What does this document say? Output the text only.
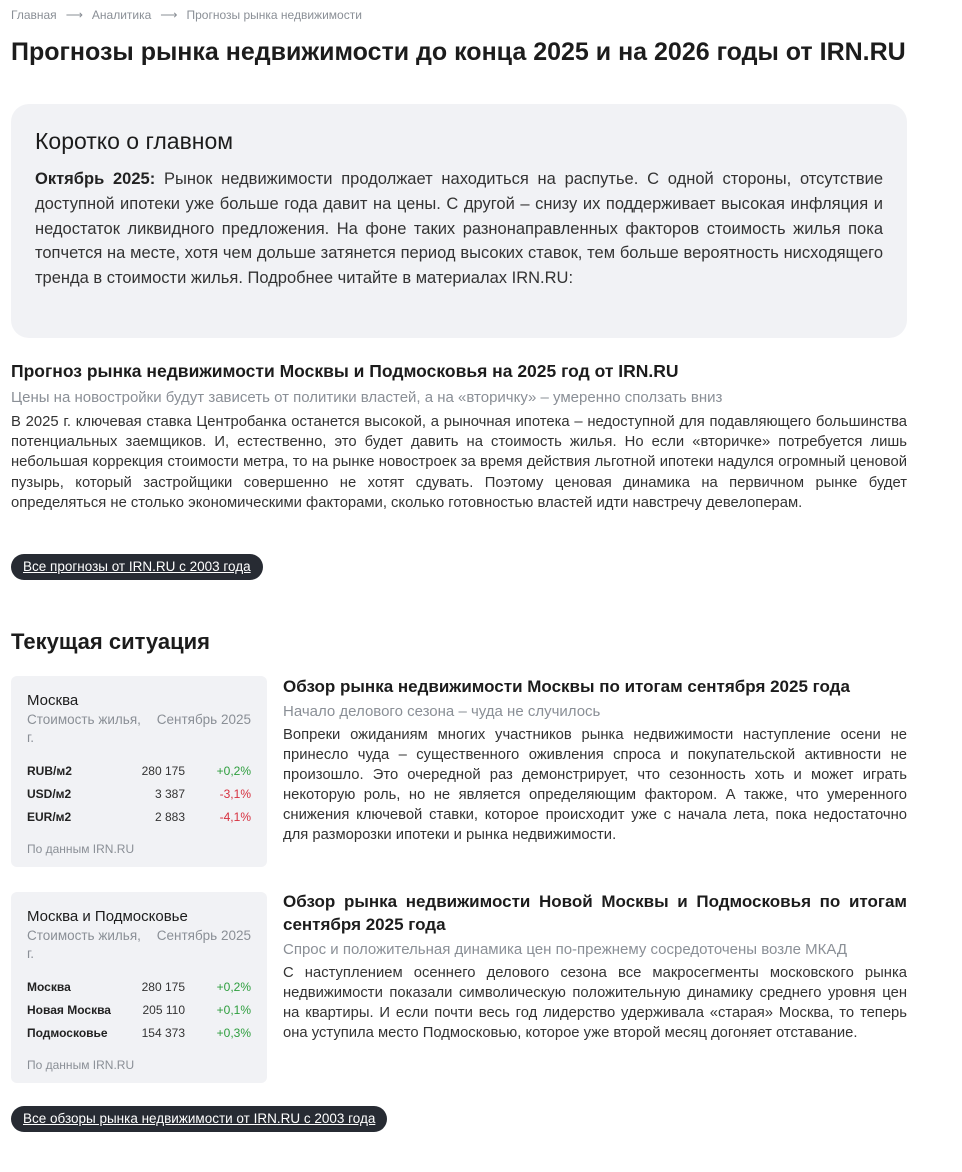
Главная ⟶ Аналитика ⟶ Прогнозы рынка недвижимости
Прогнозы рынка недвижимости до конца 2025 и на 2026 годы от IRN.RU
Коротко о главном

Октябрь 2025: Рынок недвижимости продолжает находиться на распутье. С одной стороны, отсутствие доступной ипотеки уже больше года давит на цены. С другой – снизу их поддерживает высокая инфляция и недостаток ликвидного предложения. На фоне таких разнонаправленных факторов стоимость жилья пока топчется на месте, хотя чем дольше затянется период высоких ставок, тем больше вероятность нисходящего тренда в стоимости жилья. Подробнее читайте в материалах IRN.RU:

Прогноз рынка недвижимости Москвы и Подмосковья на 2025 год от IRN.RU
Цены на новостройки будут зависеть от политики властей, а на «вторичку» – умеренно сползать вниз

В 2025 г. ключевая ставка Центробанка останется высокой, а рыночная ипотека – недоступной для подавляющего большинства потенциальных заемщиков. И, естественно, это будет давить на стоимость жилья. Но если «вторичке» потребуется лишь небольшая коррекция стоимости метра, то на рынке новостроек за время действия льготной ипотеки надулся огромный ценовой пузырь, который застройщики совершенно не хотят сдувать. Поэтому ценовая динамика на первичном рынке будет определяться не столько экономическими факторами, сколько готовностью властей идти навстречу девелоперам.

Все прогнозы от IRN.RU с 2003 года
Текущая ситуация
Москва
Стоимость жилья, Сентябрь 2025
г.
RUB/м2	280 175	+0,2%
USD/м2	3 387	-3,1%
EUR/м2	2 883	-4,1%
По данным IRN.RU
Обзор рынка недвижимости Москвы по итогам сентября 2025 года
Начало делового сезона – чуда не случилось

Вопреки ожиданиям многих участников рынка недвижимости наступление осени не принесло чуда – существенного оживления спроса и покупательской активности не произошло. Это очередной раз демонстрирует, что сезонность хоть и может играть некоторую роль, но не является определяющим фактором. А также, что умеренного снижения ключевой ставки, которое происходит уже с начала лета, пока недостаточно для разморозки ипотеки и рынка недвижимости.

Москва и Подмосковье
Стоимость жилья, Сентябрь 2025
г.
Москва	280 175	+0,2%
Новая Москва	205 110	+0,1%
Подмосковье	154 373	+0,3%
По данным IRN.RU
Обзор рынка недвижимости Новой Москвы и Подмосковья по итогам сентября 2025 года
Спрос и положительная динамика цен по-прежнему сосредоточены возле МКАД

С наступлением осеннего делового сезона все макросегменты московского рынка недвижимости показали символическую положительную динамику среднего уровня цен на квартиры. И если почти весь год лидерство удерживала «старая» Москва, то теперь она уступила место Подмосковью, которое уже второй месяц догоняет отставание.

Все обзоры рынка недвижимости от IRN.RU с 2003 года
